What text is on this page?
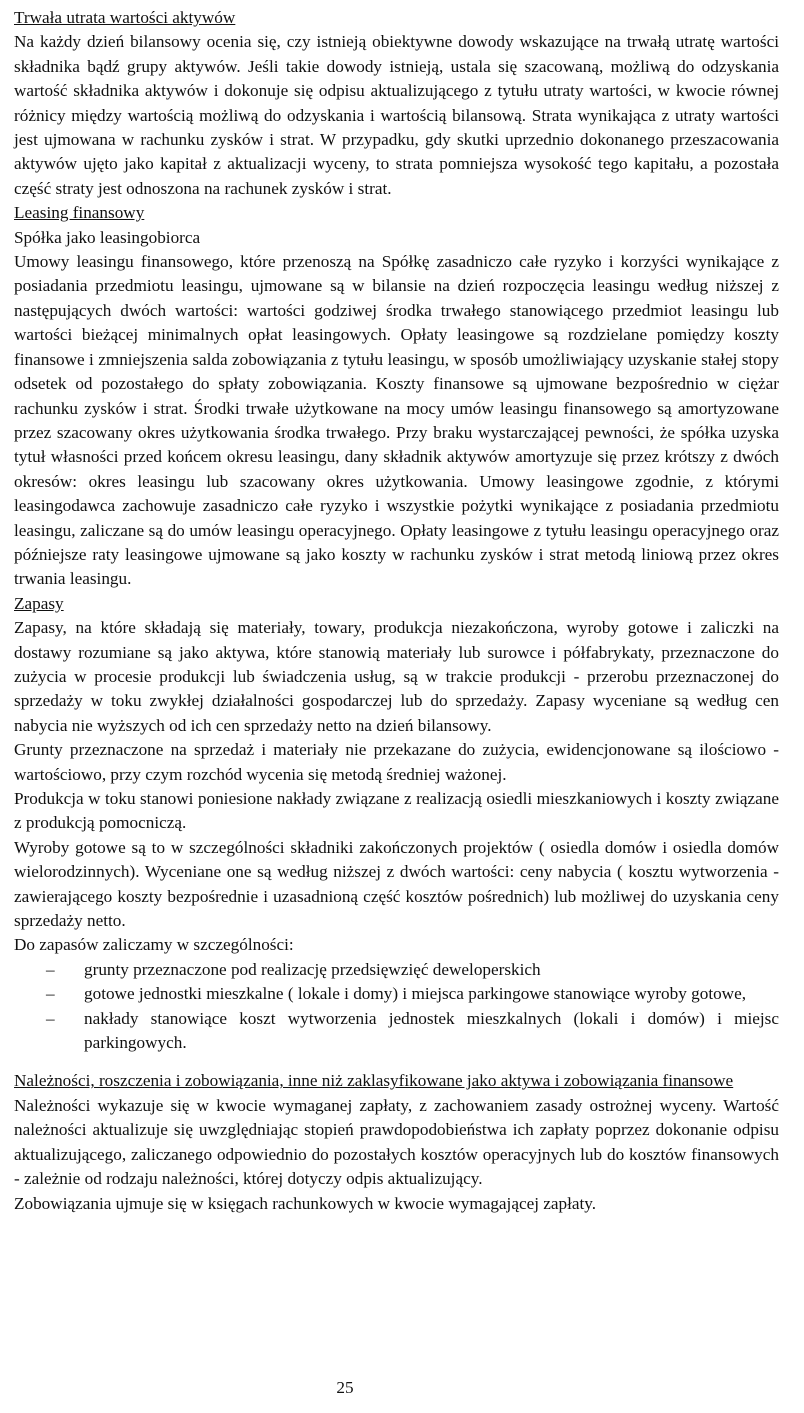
Trwała utrata wartości aktywów

Na każdy dzień bilansowy ocenia się, czy istnieją obiektywne dowody wskazujące na trwałą utratę wartości składnika bądź grupy aktywów. Jeśli takie dowody istnieją, ustala się szacowaną, możliwą do odzyskania wartość składnika aktywów i dokonuje się odpisu aktualizującego z tytułu utraty wartości, w kwocie równej różnicy między wartością możliwą do odzyskania i wartością bilansową. Strata wynikająca z utraty wartości jest ujmowana w rachunku zysków i strat. W przypadku, gdy skutki uprzednio dokonanego przeszacowania aktywów ujęto jako kapitał z aktualizacji wyceny, to strata pomniejsza wysokość tego kapitału, a pozostała część straty jest odnoszona na rachunek zysków i strat.

Leasing finansowy
Spółka jako leasingobiorca

Umowy leasingu finansowego, które przenoszą na Spółkę zasadniczo całe ryzyko i korzyści wynikające z posiadania przedmiotu leasingu, ujmowane są w bilansie na dzień rozpoczęcia leasingu według niższej z następujących dwóch wartości: wartości godziwej środka trwałego stanowiącego przedmiot leasingu lub wartości bieżącej minimalnych opłat leasingowych. Opłaty leasingowe są rozdzielane pomiędzy koszty finansowe i zmniejszenia salda zobowiązania z tytułu leasingu, w sposób umożliwiający uzyskanie stałej stopy odsetek od pozostałego do spłaty zobowiązania. Koszty finansowe są ujmowane bezpośrednio w ciężar rachunku zysków i strat. Środki trwałe użytkowane na mocy umów leasingu finansowego są amortyzowane przez szacowany okres użytkowania środka trwałego. Przy braku wystarczającej pewności, że spółka uzyska tytuł własności przed końcem okresu leasingu, dany składnik aktywów amortyzuje się przez krótszy z dwóch okresów: okres leasingu lub szacowany okres użytkowania. Umowy leasingowe zgodnie, z którymi leasingodawca zachowuje zasadniczo całe ryzyko i wszystkie pożytki wynikające z posiadania przedmiotu leasingu, zaliczane są do umów leasingu operacyjnego. Opłaty leasingowe z tytułu leasingu operacyjnego oraz późniejsze raty leasingowe ujmowane są jako koszty w rachunku zysków i strat metodą liniową przez okres trwania leasingu.

Zapasy

Zapasy, na które składają się materiały, towary, produkcja niezakończona, wyroby gotowe i zaliczki na dostawy rozumiane są jako aktywa, które stanowią materiały lub surowce i półfabrykaty, przeznaczone do zużycia w procesie produkcji lub świadczenia usług, są w trakcie produkcji - przerobu przeznaczonej do sprzedaży w toku zwykłej działalności gospodarczej lub do sprzedaży. Zapasy wyceniane są według cen nabycia nie wyższych od ich cen sprzedaży netto na dzień bilansowy.

Grunty przeznaczone na sprzedaż i materiały nie przekazane do zużycia, ewidencjonowane są ilościowo - wartościowo, przy czym rozchód wycenia się metodą średniej ważonej.

Produkcja w toku stanowi poniesione nakłady związane z realizacją osiedli mieszkaniowych i koszty związane z produkcją pomocniczą.

Wyroby gotowe są to w szczególności składniki zakończonych projektów ( osiedla domów i osiedla domów wielorodzinnych). Wyceniane one są według niższej z dwóch wartości: ceny nabycia ( kosztu wytworzenia - zawierającego koszty bezpośrednie i uzasadnioną część kosztów pośrednich) lub możliwej do uzyskania ceny sprzedaży netto.

Do zapasów zaliczamy w szczególności:

– grunty przeznaczone pod realizację przedsięwzięć deweloperskich
– gotowe jednostki mieszkalne ( lokale i domy) i miejsca parkingowe stanowiące wyroby gotowe,
– nakłady stanowiące koszt wytworzenia jednostek mieszkalnych (lokali i domów) i miejsc parkingowych.
Należności, roszczenia i zobowiązania, inne niż zaklasyfikowane jako aktywa i zobowiązania finansowe

Należności wykazuje się w kwocie wymaganej zapłaty, z zachowaniem zasady ostrożnej wyceny. Wartość należności aktualizuje się uwzględniając stopień prawdopodobieństwa ich zapłaty poprzez dokonanie odpisu aktualizującego, zaliczanego odpowiednio do pozostałych kosztów operacyjnych lub do kosztów finansowych - zależnie od rodzaju należności, której dotyczy odpis aktualizujący.

Zobowiązania ujmuje się w księgach rachunkowych w kwocie wymagającej zapłaty.

25
